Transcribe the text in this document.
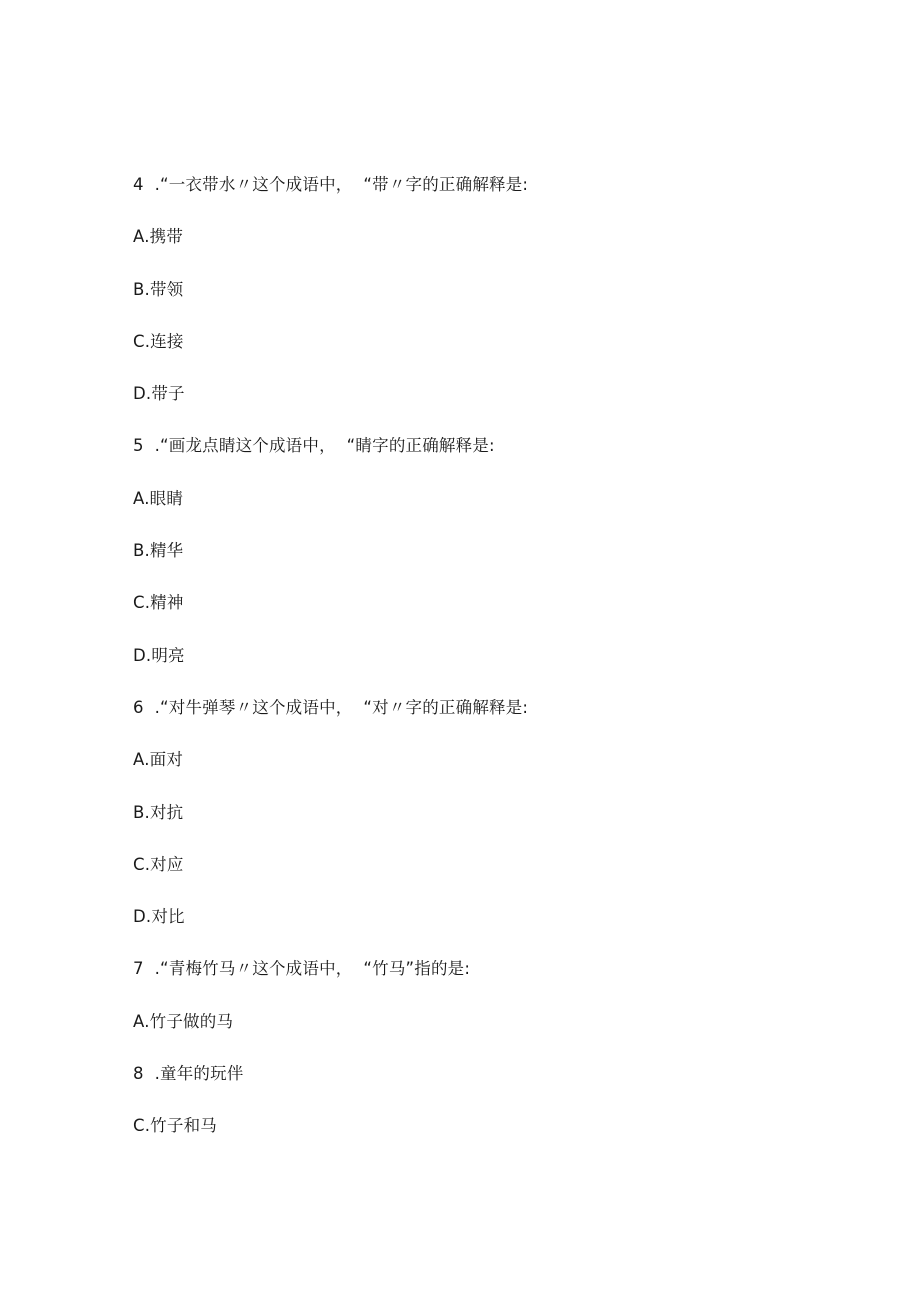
4  .“一衣带水〃这个成语中，  “带〃字的正确解释是:
A.携带
B.带领
C.连接
D.带子
5  .“画龙点睛这个成语中，  “睛字的正确解释是:
A.眼睛
B.精华
C.精神
D.明亮
6  .“对牛弹琴〃这个成语中，  “对〃字的正确解释是:
A.面对
B.对抗
C.对应
D.对比
7  .“青梅竹马〃这个成语中，  “竹马”指的是:
A.竹子做的马
8  .童年的玩伴
C.竹子和马
